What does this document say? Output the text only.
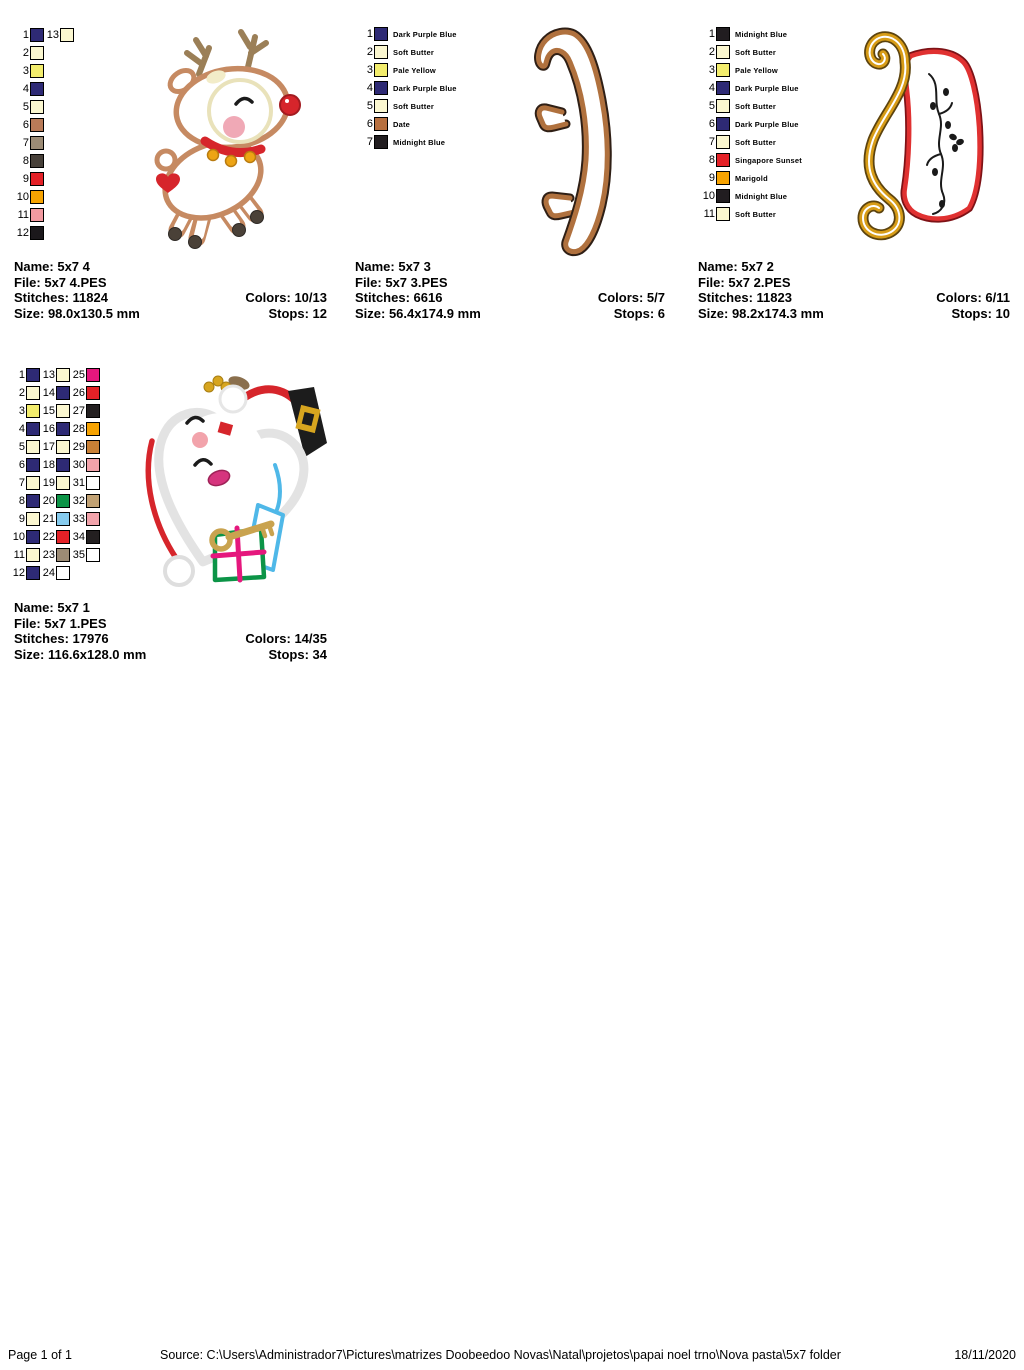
1
2
3
4
5
6
7
8
9
10
11
12
13
Name: 5x7 4
File: 5x7 4.PES
Stitches: 11824
Size: 98.0x130.5 mm
Colors: 10/13
Stops: 12
1	Dark Purple Blue
2	Soft Butter
3	Pale Yellow
4	Dark Purple Blue
5	Soft Butter
6	Date
7	Midnight Blue
Name: 5x7 3
File: 5x7 3.PES
Stitches: 6616
Size: 56.4x174.9 mm
Colors: 5/7
Stops: 6
1	Midnight Blue
2	Soft Butter
3	Pale Yellow
4	Dark Purple Blue
5	Soft Butter
6	Dark Purple Blue
7	Soft Butter
8	Singapore Sunset
9	Marigold
10	Midnight Blue
11	Soft Butter
Name: 5x7 2
File: 5x7 2.PES
Stitches: 11823
Size: 98.2x174.3 mm
Colors: 6/11
Stops: 10
1
2
3
4
5
6
7
8
9
10
11
12
13
14
15
16
17
18
19
20
21
22
23
24
25
26
27
28
29
30
31
32
33
34
35
Name: 5x7 1
File: 5x7 1.PES
Stitches: 17976
Size: 116.6x128.0 mm
Colors: 14/35
Stops: 34
Page 1 of 1	Source: C:\Users\Administrador7\Pictures\matrizes Doobeedoo Novas\Natal\projetos\papai noel trno\Nova pasta\5x7 folder	18/11/2020
